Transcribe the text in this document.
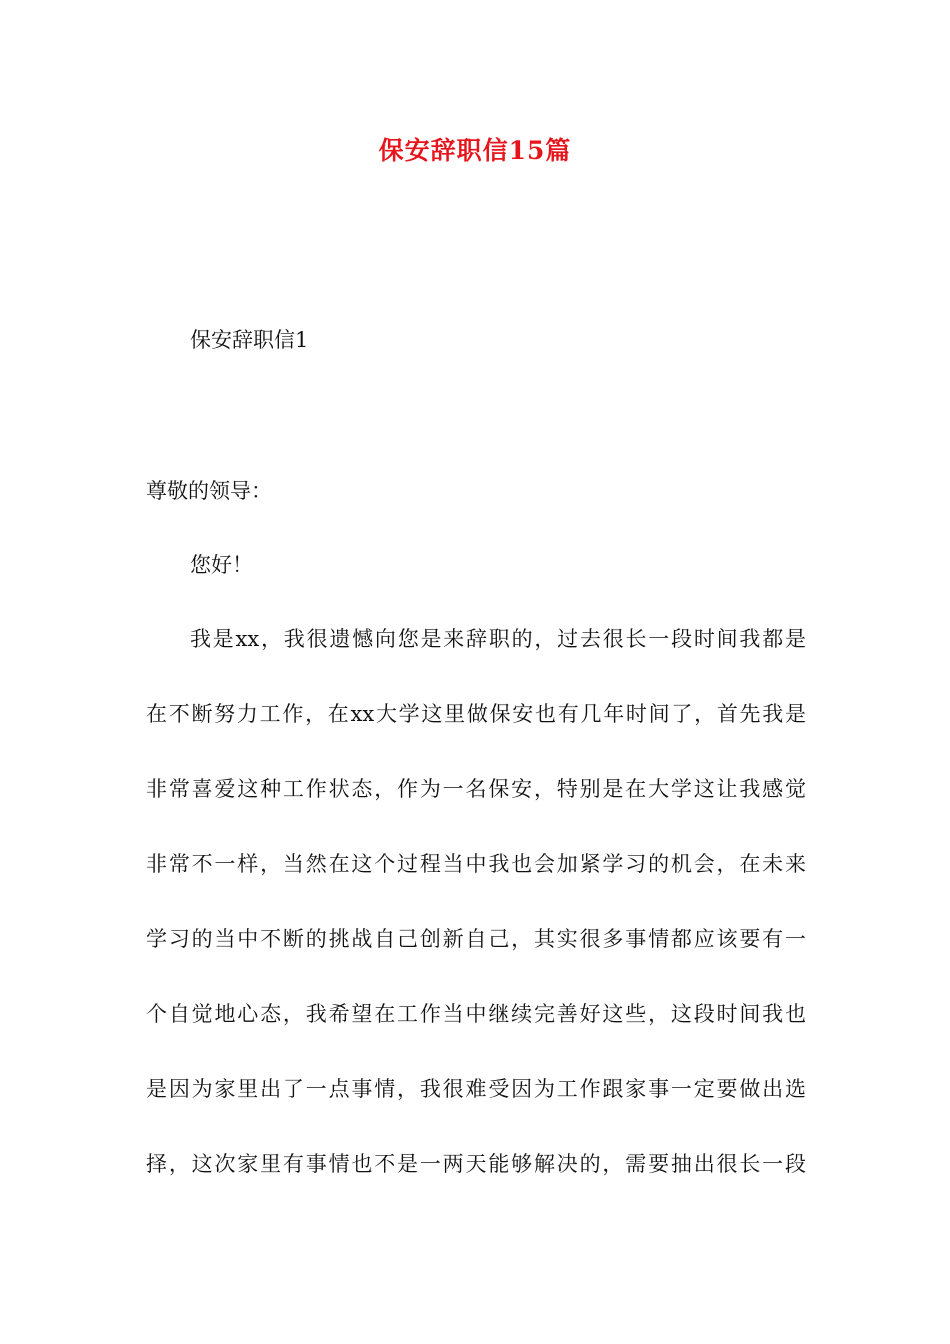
保安辞职信15篇
保安辞职信1
尊敬的领导：
您好！
我是xx，我很遗憾向您是来辞职的，过去很长一段时间我都是
在不断努力工作，在xx大学这里做保安也有几年时间了，首先我是
非常喜爱这种工作状态，作为一名保安，特别是在大学这让我感觉
非常不一样，当然在这个过程当中我也会加紧学习的机会，在未来
学习的当中不断的挑战自己创新自己，其实很多事情都应该要有一
个自觉地心态，我希望在工作当中继续完善好这些，这段时间我也
是因为家里出了一点事情，我很难受因为工作跟家事一定要做出选
择，这次家里有事情也不是一两天能够解决的，需要抽出很长一段
